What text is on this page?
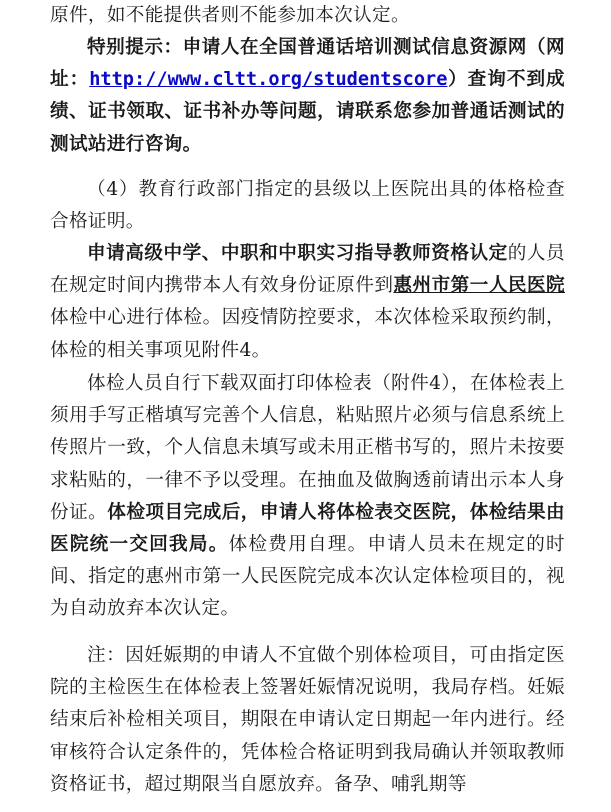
原件，如不能提供者则不能参加本次认定。

特别提示：申请人在全国普通话培训测试信息资源网（网址：http://www.cltt.org/studentscore）查询不到成绩、证书领取、证书补办等问题，请联系您参加普通话测试的测试站进行咨询。

（4）教育行政部门指定的县级以上医院出具的体格检查合格证明。

申请高级中学、中职和中职实习指导教师资格认定的人员在规定时间内携带本人有效身份证原件到惠州市第一人民医院体检中心进行体检。因疫情防控要求，本次体检采取预约制，体检的相关事项见附件4。

体检人员自行下载双面打印体检表（附件4），在体检表上须用手写正楷填写完善个人信息，粘贴照片必须与信息系统上传照片一致，个人信息未填写或未用正楷书写的，照片未按要求粘贴的，一律不予以受理。在抽血及做胸透前请出示本人身份证。体检项目完成后，申请人将体检表交医院，体检结果由医院统一交回我局。体检费用自理。申请人员未在规定的时间、指定的惠州市第一人民医院完成本次认定体检项目的，视为自动放弃本次认定。

注：因妊娠期的申请人不宜做个别体检项目，可由指定医院的主检医生在体检表上签署妊娠情况说明，我局存档。妊娠结束后补检相关项目，期限在申请认定日期起一年内进行。经审核符合认定条件的，凭体检合格证明到我局确认并领取教师资格证书，超过期限当自愿放弃。备孕、哺乳期等
